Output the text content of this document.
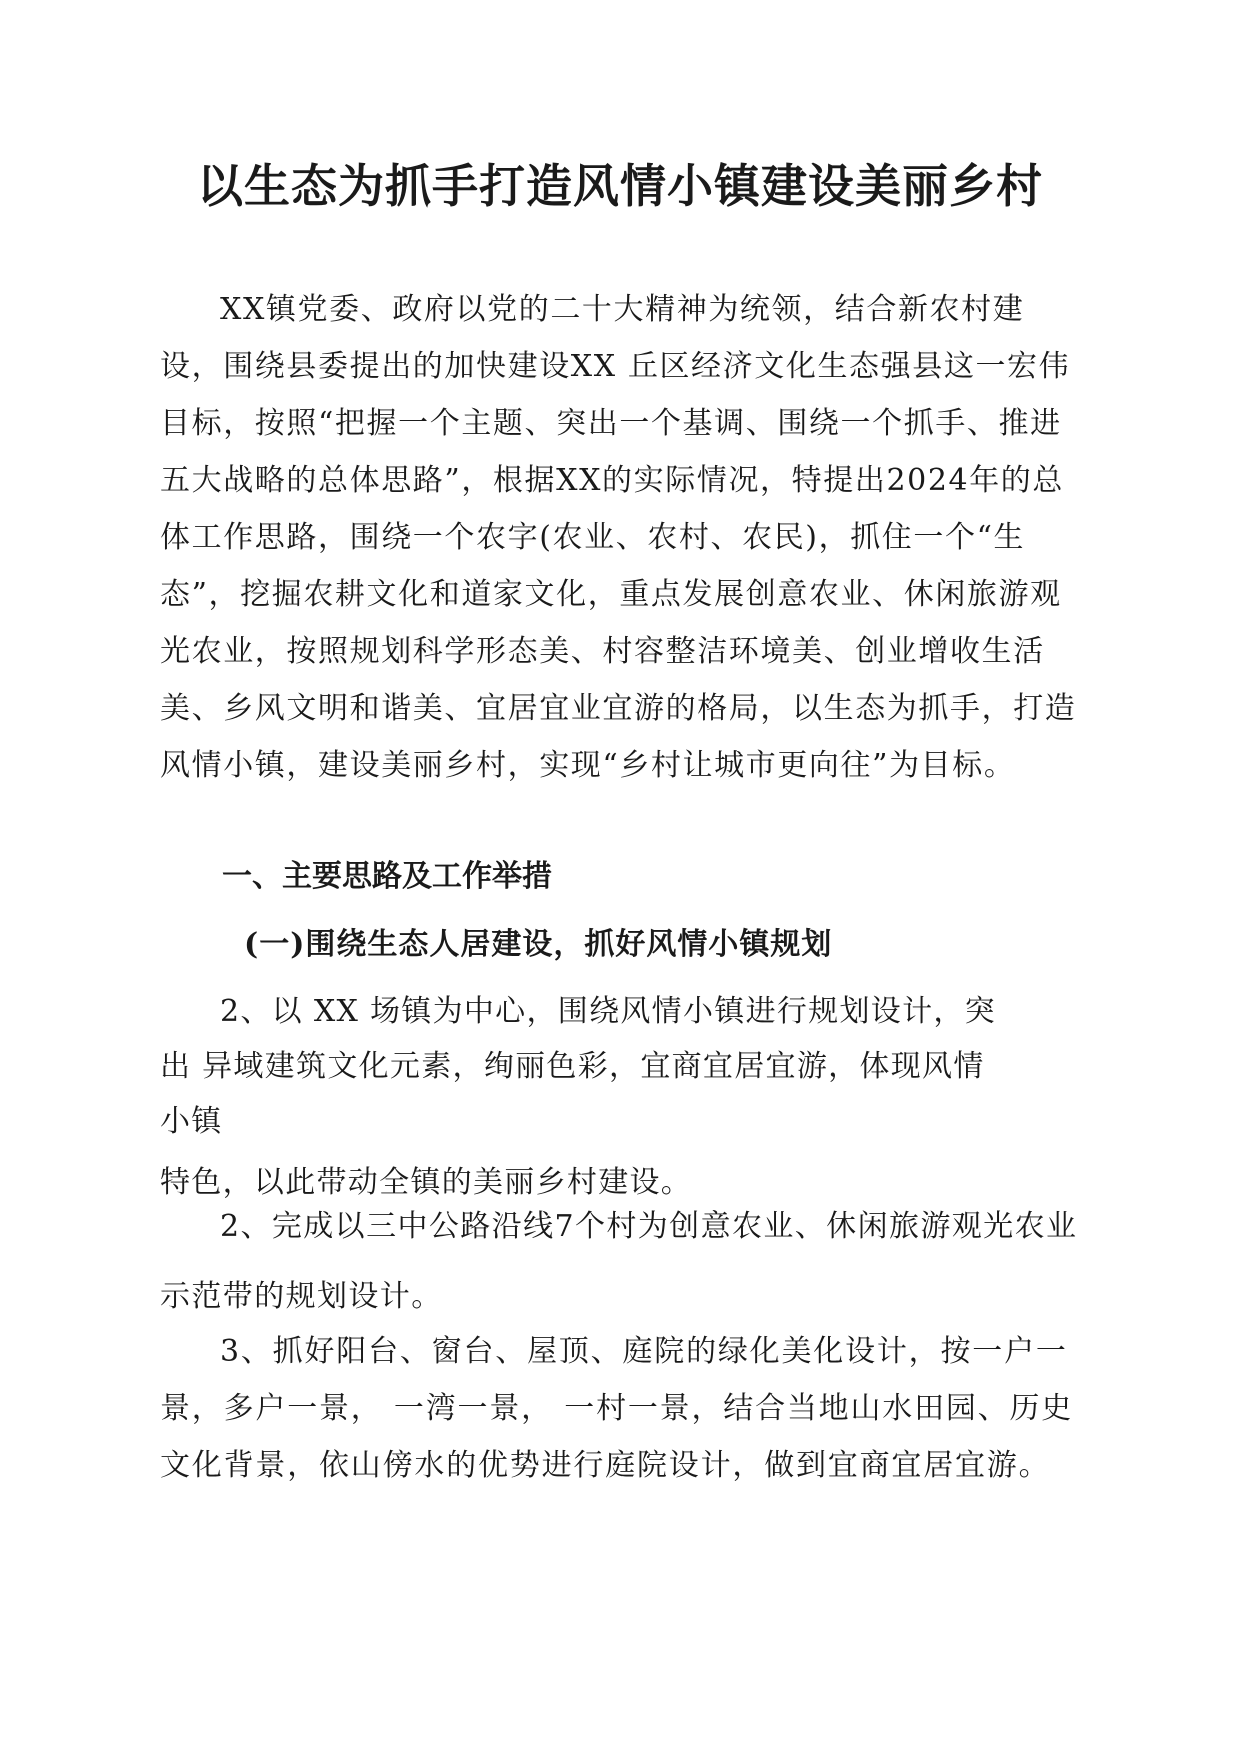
以生态为抓手打造风情小镇建设美丽乡村

XX镇党委、政府以党的二十大精神为统领，结合新农村建设，围绕县委提出的加快建设XX 丘区经济文化生态强县这一宏伟目标，按照“把握一个主题、突出一个基调、围绕一个抓手、推进五大战略的总体思路”，根据XX的实际情况，特提出2024年的总体工作思路，围绕一个农字(农业、农村、农民)，抓住一个“生态”，挖掘农耕文化和道家文化，重点发展创意农业、休闲旅游观光农业，按照规划科学形态美、村容整洁环境美、创业增收生活美、乡风文明和谐美、宜居宜业宜游的格局，以生态为抓手，打造风情小镇，建设美丽乡村，实现“乡村让城市更向往”为目标。

一、主要思路及工作举措
(一)围绕生态人居建设，抓好风情小镇规划

2、以 XX 场镇为中心，围绕风情小镇进行规划设计，突
出 异域建筑文化元素，绚丽色彩，宜商宜居宜游，体现风情
小镇
特色，以此带动全镇的美丽乡村建设。

2、完成以三中公路沿线7个村为创意农业、休闲旅游观光农业示范带的规划设计。

3、抓好阳台、窗台、屋顶、庭院的绿化美化设计，按一户一景，多户一景， 一湾一景， 一村一景，结合当地山水田园、历史文化背景，依山傍水的优势进行庭院设计，做到宜商宜居宜游。
